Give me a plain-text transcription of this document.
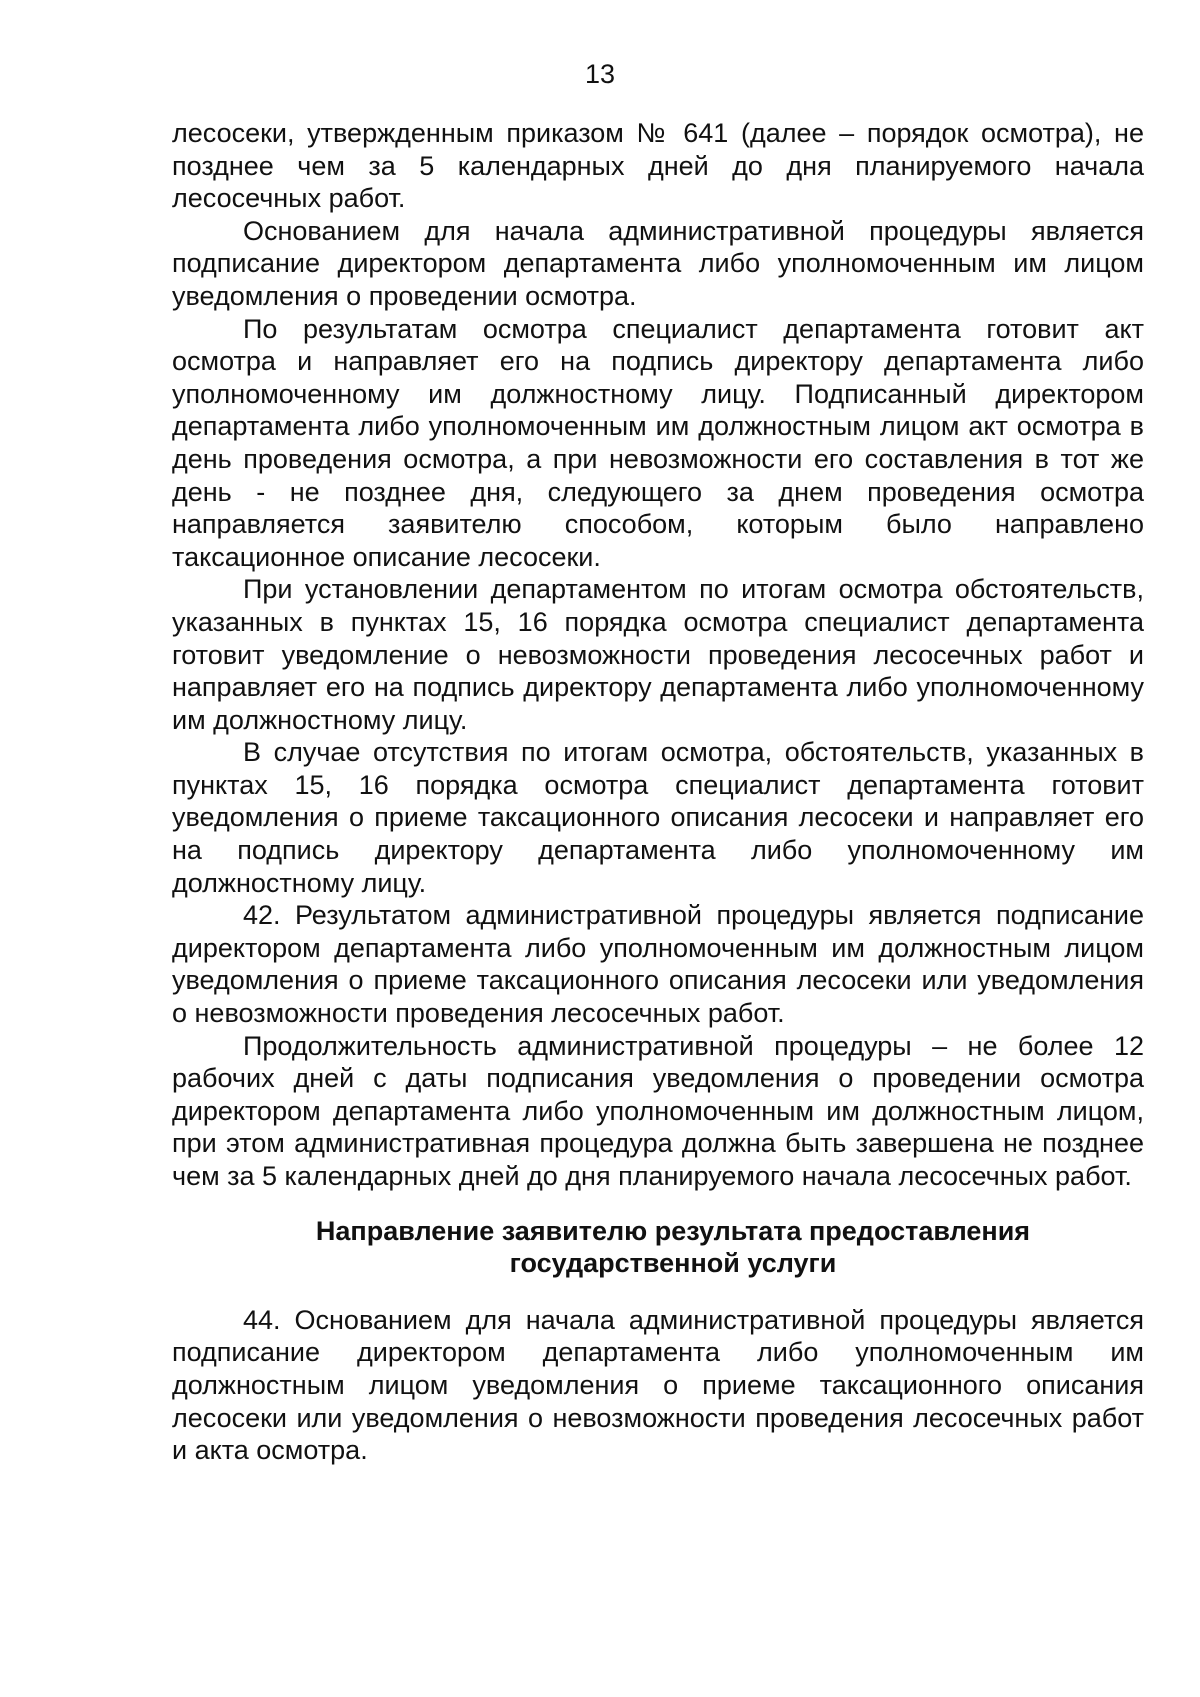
13

лесосеки, утвержденным приказом № 641 (далее – порядок осмотра), не позднее чем за 5 календарных дней до дня планируемого начала лесосечных работ.

Основанием для начала административной процедуры является подписание директором департамента либо уполномоченным им лицом уведомления о проведении осмотра.

По результатам осмотра специалист департамента готовит акт осмотра и направляет его на подпись директору департамента либо уполномоченному им должностному лицу. Подписанный директором департамента либо уполномоченным им должностным лицом акт осмотра в день проведения осмотра, а при невозможности его составления в тот же день - не позднее дня, следующего за днем проведения осмотра направляется заявителю способом, которым было направлено таксационное описание лесосеки.

При установлении департаментом по итогам осмотра обстоятельств, указанных в пунктах 15, 16 порядка осмотра специалист департамента готовит уведомление о невозможности проведения лесосечных работ и направляет его на подпись директору департамента либо уполномоченному им должностному лицу.

В случае отсутствия по итогам осмотра, обстоятельств, указанных в пунктах 15, 16 порядка осмотра специалист департамента готовит уведомления о приеме таксационного описания лесосеки и направляет его на подпись директору департамента либо уполномоченному им должностному лицу.

42. Результатом административной процедуры является подписание директором департамента либо уполномоченным им должностным лицом уведомления о приеме таксационного описания лесосеки или уведомления о невозможности проведения лесосечных работ.

Продолжительность административной процедуры – не более 12 рабочих дней с даты подписания уведомления о проведении осмотра директором департамента либо уполномоченным им должностным лицом, при этом административная процедура должна быть завершена не позднее чем за 5 календарных дней до дня планируемого начала лесосечных работ.

Направление заявителю результата предоставления
государственной услуги

44. Основанием для начала административной процедуры является подписание директором департамента либо уполномоченным им должностным лицом уведомления о приеме таксационного описания лесосеки или уведомления о невозможности проведения лесосечных работ и акта осмотра.
